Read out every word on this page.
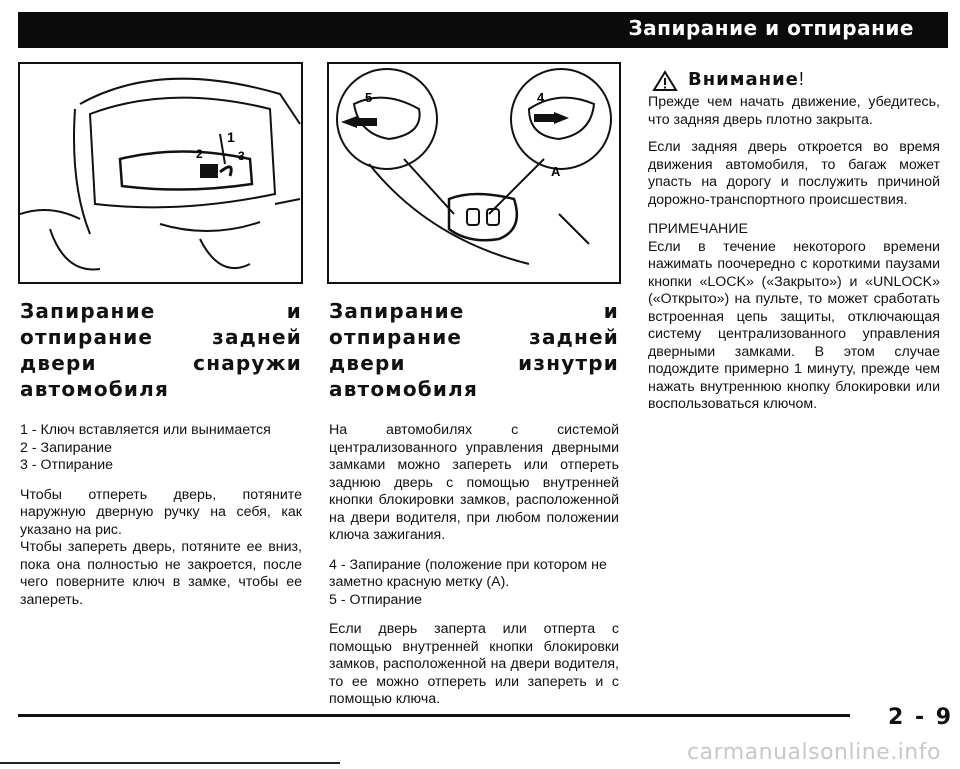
Запирание и отпирание
1
2	3
5	4
A
Запирание и отпирание задней двери снаружи автомобиля
1 - Ключ вставляется или вынимается
2 - Запирание
3 - Отпирание

Чтобы отпереть дверь, потяните наружную дверную ручку на себя, как указано на рис.

Чтобы запереть дверь, потяните ее вниз, пока она полностью не закроется, после чего поверните ключ в замке, чтобы ее запереть.

Запирание и отпирание задней двери изнутри автомобиля

На автомобилях с системой централизованного управления дверными замками можно запереть или отпереть заднюю дверь с помощью внутренней кнопки блокировки замков, расположенной на двери водителя, при любом положении ключа зажигания.

4 - Запирание (положение при котором не заметно красную метку (А).
5 - Отпирание

Если дверь заперта или отперта с помощью внутренней кнопки блокировки замков, расположенной на двери водителя, то ее можно отпереть или запереть и с помощью ключа.

Внимание!

Прежде чем начать движение, убедитесь, что задняя дверь плотно закрыта.

Если задняя дверь откроется во время движения автомобиля, то багаж может упасть на дорогу и послужить причиной дорожно-транспортного происшествия.

ПРИМЕЧАНИЕ

Если в течение некоторого времени нажимать поочередно с короткими паузами кнопки «LOCK» («Закрыто») и «UNLOCK» («Открыто») на пульте, то может сработать встроенная цепь защиты, отключающая систему централизованного управления дверными замками. В этом случае подождите примерно 1 минуту, прежде чем нажать внутреннюю кнопку блокировки или воспользоваться ключом.

2 - 9
carmanualsonline.info
